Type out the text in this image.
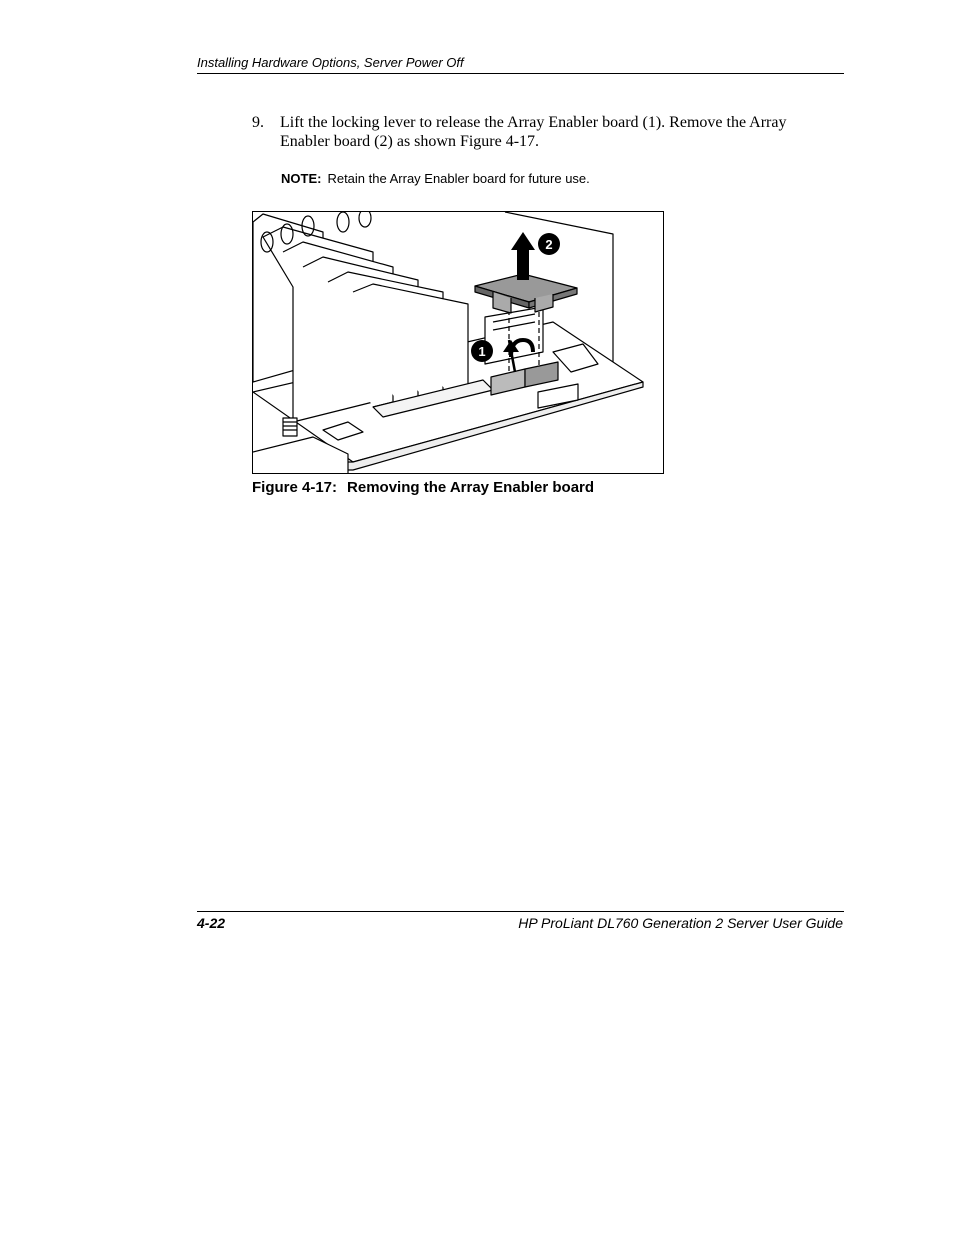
Installing Hardware Options, Server Power Off
9. Lift the locking lever to release the Array Enabler board (1). Remove the Array Enabler board (2) as shown Figure 4-17.
NOTE: Retain the Array Enabler board for future use.
1
2
Figure 4-17: Removing the Array Enabler board
4-22	HP ProLiant DL760 Generation 2 Server User Guide
